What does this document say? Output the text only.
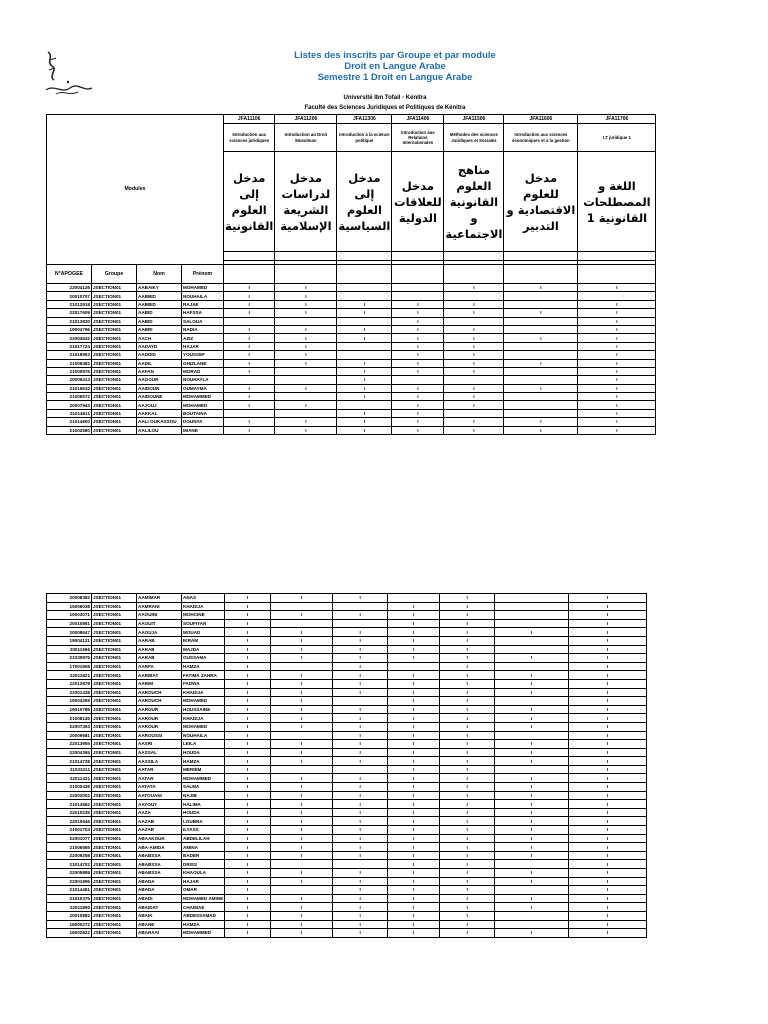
Listes des inscrits par Groupe et par module
Droit en Langue Arabe
Semestre 1 Droit en Langue Arabe
Université Ibn Tofail - Kénitra
Faculté des Sciences Juridiques et Politiques de Kénitra
Modules				JFA11106	JFA11206	JFA11306	JFA11406	JFA11506	JFA11606	JFA11706
				Introduction aux sciences juridiques	Introduction au Droit Musulman	Introduction à la science politique	Introduction aux Relations Internationales	Méthodes des sciences Juridiques et Sociales	Introduction aux sciences économiques et à la gestion	LT juridique 1
				مدخل إلى العلوم القانونية	مدخل لدراسات الشريعة الإسلامية	مدخل إلى العلوم السياسية	مدخل للعلاقات الدولية	مناهج العلوم القانونية و الاجتماعية	مدخل للعلوم الاقتصادية و التدبير	اللغة و المصطلحات القانونية 1

N°APOGEE	Groupe	Nom	Prénom							
22004126	JSECTION01	AABAIKY	MOHAMED	I	I			I	I	I
20010707	JSECTION01	AABBID	NOUHAILA	I	I					
21012918	JSECTION01	AABBID	RAJAE	I	I	I	I	I		I
22017609	JSECTION01	AABID	HAFSSA	I	I	I	I	I	I	I
21013830	JSECTION01	AABID	SALOUA				I			I
19004796	JSECTION01	AABRI	NADIA	I	I	I	I	I		I
22004532	JSECTION01	AACH	AZIZ	I	I	I	I	I	I	I
21017724	JSECTION01	AADAYD	HAJAR	I	I		I	I		I
21018963	JSECTION01	AADDID	YOUSSEF	I	I		I	I		I
21009482	JSECTION01	AADIL	GHIZLANE	I	I	I	I	I	I	I
21000876	JSECTION01	AAFAN	MORAD	I		I	I	I		I
20006413	JSECTION01	AAGOUR	NOUHAYLA			I				I
21016610	JSECTION01	AAIDOUN	OUMAYMA	I	I	I	I	I	I	I
21006572	JSECTION01	AAIDOUNE	MOHAMMED	I		I	I	I		I
20007943	JSECTION01	AAJOUJ	MOHAMED	I	I		I	I		I
21014611	JSECTION01	AAKKAL	BOUTAINA			I	I			I
21014800	JSECTION01	AALI OUKASSOU	DOUNYA	I	I	I	I	I	I	I
21002580	JSECTION01	AALILOU	IMANE	I	I	I	I	I	I	I
20008382	JSECTION01	AAMIMAR	ANAS	I	I	I		I		I
15006038	JSECTION01	AAMRANI	KHADIJA	I			I	I		I
19003071	JSECTION01	AAOUINI	MOHCINE	I	I	I	I	I		I
20010861	JSECTION01	AAOUIT	SOUFIYAN	I			I	I		I
20008647	JSECTION01	AAOUJA	MOUAD	I	I	I	I	I	I	I
19004121	JSECTION01	AARAB	IKRAM	I	I	I	I	I		I
20011566	JSECTION01	AARAB	MAJDA	I	I	I	I	I		I
21030876	JSECTION01	AARAB	OUSSAMA	I	I	I	I	I	I	I
17001908	JSECTION01	AARFA	HAMZA	I		I		I		I
22011821	JSECTION01	AARIBAT	FATIMA ZAHRA	I	I	I	I	I	I	I
22012878	JSECTION01	AARIM	FADWA	I	I	I	I	I	I	I
22001438	JSECTION01	AAROUCH	KHADIJA	I	I	I	I	I	I	I
19004269	JSECTION01	AAROUCH	MOHAMED	I	I		I	I		I
19010789	JSECTION01	AAROUR	HOUSSAINE	I	I	I	I	I	I	I
21008145	JSECTION01	AAROUR	KHADIJA	I	I	I	I	I	I	I
22007363	JSECTION01	AAROUR	MOHAMED	I	I	I	I	I	I	I
20009681	JSECTION01	AAROUSSI	NOUHAILA	I		I	I	I		I
22013955	JSECTION01	AASRI	LEILA	I	I	I	I	I	I	I
22004365	JSECTION01	AASSAL	HOUDA	I	I	I	I	I	I	I
21014738	JSECTION01	AASSILA	HAMZA	I	I	I	I	I	I	I
21023211	JSECTION01	AATAR	MERIEM	I			I	I		I
22011431	JSECTION01	AATAR	MOHAMMED	I	I	I	I	I	I	I
21000439	JSECTION01	AATATA	SALMA	I	I	I	I	I	I	I
22002002	JSECTION01	AATOUANI	NAJIB	I	I	I	I	I	I	I
21014962	JSECTION01	AAYOUY	HALIMA	I	I	I	I	I	I	I
22010235	JSECTION01	AAZA	HOUDA	I	I	I	I	I	I	I
22010646	JSECTION01	AAZAB	LOUBNA	I	I	I	I	I	I	I
21001703	JSECTION01	AAZAR	ILYASS	I	I	I	I	I	I	I
22001077	JSECTION01	ABAAKOUK	ABDELILAH	I	I	I	I	I	I	I
21006585	JSECTION01	ABA-AMIDA	AMINA	I	I	I	I	I	I	I
22009258	JSECTION01	ABABSSA	BADER	I	I	I	I	I	I	I
21014702	JSECTION01	ABABSSA	DRISS	I			I	I		I
22005898	JSECTION01	ABABSSA	KHAOULA	I	I	I	I	I	I	I
22001995	JSECTION01	ABADA	HAJAR	I	I	I	I	I	I	I
21014461	JSECTION01	ABADA	OMAR	I		I	I	I		I
21010375	JSECTION01	ABADI	MOHAMED AMINE	I	I	I	I	I	I	I
22011890	JSECTION01	ABAIDAT	CHAIMAE	I	I	I	I	I	I	I
20010882	JSECTION01	ABAIK	ABDESSAMAD	I	I	I	I	I		I
18000272	JSECTION01	ABANE	HAMZA	I	I	I	I	I		I
16002622	JSECTION01	ABARAAI	MOHAMMED	I	I	I	I	I	I	I
